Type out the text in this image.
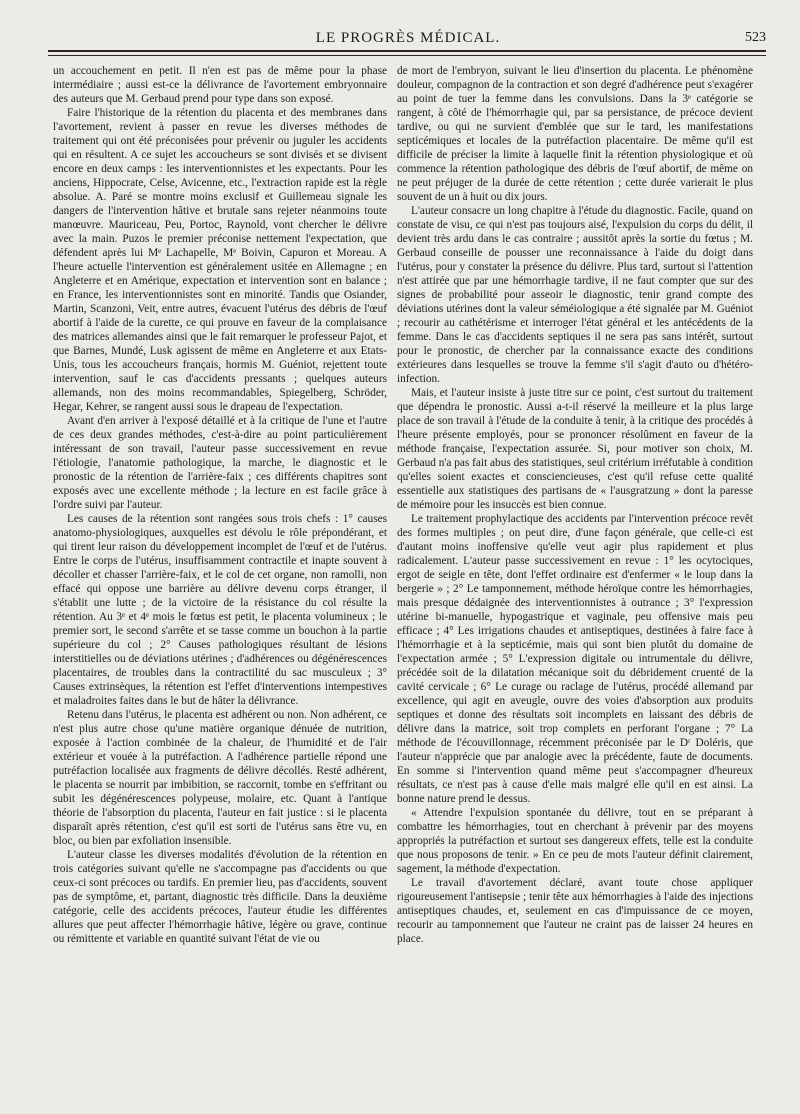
LE PROGRÈS MÉDICAL.	523

un accouchement en petit. Il n'en est pas de même pour la phase intermédiaire ; aussi est-ce la délivrance de l'avortement embryonnaire des auteurs que M. Gerbaud prend pour type dans son exposé.

Faire l'historique de la rétention du placenta et des membranes dans l'avortement, revient à passer en revue les diverses méthodes de traitement qui ont été préconisées pour prévenir ou juguler les accidents qui en résultent. A ce sujet les accoucheurs se sont divisés et se divisent encore en deux camps : les interventionnistes et les expectants. Pour les anciens, Hippocrate, Celse, Avicenne, etc., l'extraction rapide est la règle absolue. A. Paré se montre moins exclusif et Guillemeau signale les dangers de l'intervention hâtive et brutale sans rejeter néanmoins toute manœuvre. Mauriceau, Peu, Portoc, Raynold, vont chercher le délivre avec la main. Puzos le premier préconise nettement l'expectation, que défendent après lui Mᵉ Lachapelle, Mᵉ Boivin, Capuron et Moreau. A l'heure actuelle l'intervention est généralement usitée en Allemagne ; en Angleterre et en Amérique, expectation et intervention sont en balance ; en France, les interventionnistes sont en minorité. Tandis que Osiander, Martin, Scanzoni, Veit, entre autres, évacuent l'utérus des débris de l'œuf abortif à l'aide de la curette, ce qui prouve en faveur de la complaisance des matrices allemandes ainsi que le fait remarquer le professeur Pajot, et que Barnes, Mundé, Lusk agissent de même en Angleterre et aux Etats-Unis, tous les accoucheurs français, hormis M. Guéniot, rejettent toute intervention, sauf le cas d'accidents pressants ; quelques auteurs allemands, non des moins recommandables, Spiegelberg, Schröder, Hegar, Kehrer, se rangent aussi sous le drapeau de l'expectation.

Avant d'en arriver à l'exposé détaillé et à la critique de l'une et l'autre de ces deux grandes méthodes, c'est-à-dire au point particulièrement intéressant de son travail, l'auteur passe successivement en revue l'étiologie, l'anatomie pathologique, la marche, le diagnostic et le pronostic de la rétention de l'arrière-faix ; ces différents chapitres sont exposés avec une excellente méthode ; la lecture en est facile grâce à l'ordre suivi par l'auteur.

Les causes de la rétention sont rangées sous trois chefs : 1° causes anatomo-physiologiques, auxquelles est dévolu le rôle prépondérant, et qui tirent leur raison du développement incomplet de l'œuf et de l'utérus. Entre le corps de l'utérus, insuffisamment contractile et inapte souvent à décoller et chasser l'arrière-faix, et le col de cet organe, non ramolli, non effacé qui oppose une barrière au délivre devenu corps étranger, il s'établit une lutte ; de la victoire de la résistance du col résulte la rétention. Au 3ᵉ et 4ᵉ mois le fœtus est petit, le placenta volumineux ; le premier sort, le second s'arrête et se tasse comme un bouchon à la partie supérieure du col ; 2° Causes pathologiques résultant de lésions interstitielles ou de déviations utérines ; d'adhérences ou dégénérescences placentaires, de troubles dans la contractilité du sac musculeux ; 3° Causes extrinsèques, la rétention est l'effet d'interventions intempestives et maladroites faites dans le but de hâter la délivrance.

Retenu dans l'utérus, le placenta est adhérent ou non. Non adhérent, ce n'est plus autre chose qu'une matière organique dénuée de nutrition, exposée à l'action combinée de la chaleur, de l'humidité et de l'air extérieur et vouée à la putréfaction. A l'adhérence partielle répond une putréfaction localisée aux fragments de délivre décollés. Resté adhérent, le placenta se nourrit par imbibition, se raccornit, tombe en s'effritant ou subit les dégénérescences polypeuse, molaire, etc. Quant à l'antique théorie de l'absorption du placenta, l'auteur en fait justice : si le placenta disparaît après rétention, c'est qu'il est sorti de l'utérus sans être vu, en bloc, ou bien par exfoliation insensible.

L'auteur classe les diverses modalités d'évolution de la rétention en trois catégories suivant qu'elle ne s'accompagne pas d'accidents ou que ceux-ci sont précoces ou tardifs. En premier lieu, pas d'accidents, souvent pas de symptôme, et, partant, diagnostic très difficile. Dans la deuxième catégorie, celle des accidents précoces, l'auteur étudie les différentes allures que peut affecter l'hémorrhagie hâtive, légère ou grave, continue ou rémittente et variable en quantité suivant l'état de vie ou

de mort de l'embryon, suivant le lieu d'insertion du placenta. Le phénomène douleur, compagnon de la contraction et son degré d'adhérence peut s'exagérer au point de tuer la femme dans les convulsions. Dans la 3ᵉ catégorie se rangent, à côté de l'hémorrhagie qui, par sa persistance, de précoce devient tardive, ou qui ne survient d'emblée que sur le tard, les manifestations septicémiques et locales de la putréfaction placentaire. De même qu'il est difficile de préciser la limite à laquelle finit la rétention physiologique et où commence la rétention pathologique des débris de l'œuf abortif, de même on ne peut préjuger de la durée de cette rétention ; cette durée varierait le plus souvent de un à huit ou dix jours.

L'auteur consacre un long chapitre à l'étude du diagnostic. Facile, quand on constate de visu, ce qui n'est pas toujours aisé, l'expulsion du corps du délit, il devient très ardu dans le cas contraire ; aussitôt après la sortie du fœtus ; M. Gerbaud conseille de pousser une reconnaissance à l'aide du doigt dans l'utérus, pour y constater la présence du délivre. Plus tard, surtout si l'attention n'est attirée que par une hémorrhagie tardive, il ne faut compter que sur des signes de probabilité pour asseoir le diagnostic, tenir grand compte des déviations utérines dont la valeur séméiologique a été signalée par M. Guéniot ; recourir au cathétérisme et interroger l'état général et les antécédents de la femme. Dans le cas d'accidents septiques il ne sera pas sans intérêt, surtout pour le pronostic, de chercher par la connaissance exacte des conditions extérieures dans lesquelles se trouve la femme s'il s'agit d'auto ou d'hétéro-infection.

Mais, et l'auteur insiste à juste titre sur ce point, c'est surtout du traitement que dépendra le pronostic. Aussi a-t-il réservé la meilleure et la plus large place de son travail à l'étude de la conduite à tenir, à la critique des procédés à l'heure présente employés, pour se prononcer résolûment en faveur de la méthode française, l'expectation assurée. Si, pour motiver son choix, M. Gerbaud n'a pas fait abus des statistiques, seul critérium irréfutable à condition qu'elles soient exactes et consciencieuses, c'est qu'il refuse cette qualité essentielle aux statistiques des partisans de « l'ausgratzung » dont la paresse de mémoire pour les insuccès est bien connue.

Le traitement prophylactique des accidents par l'intervention précoce revêt des formes multiples ; on peut dire, d'une façon générale, que celle-ci est d'autant moins inoffensive qu'elle veut agir plus rapidement et plus radicalement. L'auteur passe successivement en revue : 1° les ocytociques, ergot de seigle en tête, dont l'effet ordinaire est d'enfermer « le loup dans la bergerie » ; 2° Le tamponnement, méthode héroïque contre les hémorrhagies, mais presque dédaignée des interventionnistes à outrance ; 3° l'expression utérine bi-manuelle, hypogastrique et vaginale, peu offensive mais peu efficace ; 4° Les irrigations chaudes et antiseptiques, destinées à faire face à l'hémorrhagie et à la septicémie, mais qui sont bien plutôt du domaine de l'expectation armée ; 5° L'expression digitale ou intrumentale du délivre, précédée soit de la dilatation mécanique soit du débridement cruenté de la cavité cervicale ; 6° Le curage ou raclage de l'utérus, procédé allemand par excellence, qui agit en aveugle, ouvre des voies d'absorption aux produits septiques et donne des résultats soit incomplets en laissant des débris de délivre dans la matrice, soit trop complets en perforant l'organe ; 7° La méthode de l'écouvillonnage, récemment préconisée par le Dʳ Doléris, que l'auteur n'apprécie que par analogie avec la précédente, faute de documents. En somme si l'intervention quand même peut s'accompagner d'heureux résultats, ce n'est pas à cause d'elle mais malgré elle qu'il en est ainsi. La bonne nature prend le dessus.

« Attendre l'expulsion spontanée du délivre, tout en se préparant à combattre les hémorrhagies, tout en cherchant à prévenir par des moyens appropriés la putréfaction et surtout ses dangereux effets, telle est la conduite que nous proposons de tenir. » En ce peu de mots l'auteur définit clairement, sagement, la méthode d'expectation.

Le travail d'avortement déclaré, avant toute chose appliquer rigoureusement l'antisepsie ; tenir tête aux hémorrhagies à l'aide des injections antiseptiques chaudes, et, seulement en cas d'impuissance de ce moyen, recourir au tamponnement que l'auteur ne craint pas de laisser 24 heures en place.
